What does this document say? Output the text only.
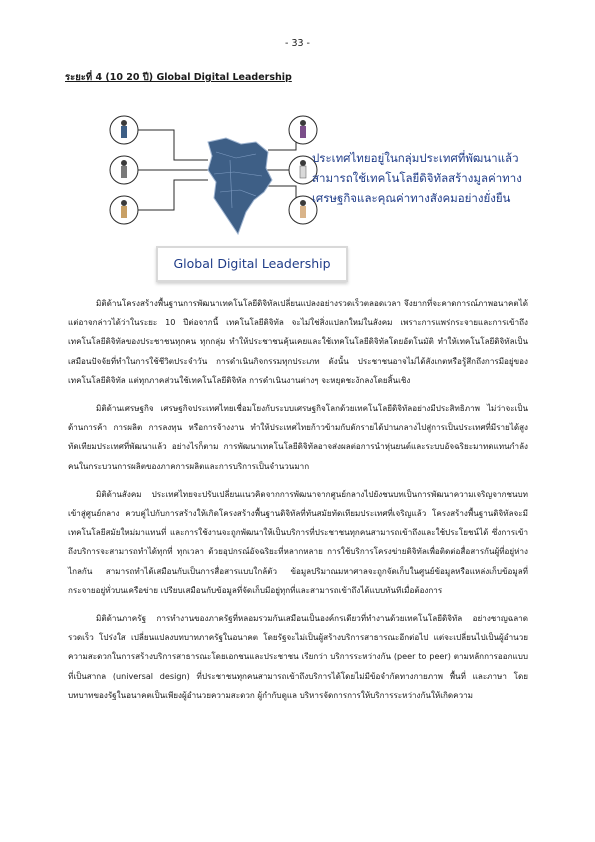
- 33 -
ระยะที่ 4 (10 20 ปี) Global Digital Leadership
ประเทศไทยอยู่ในกลุ่มประเทศที่พัฒนาแล้ว
สามารถใช้เทคโนโลยีดิจิทัลสร้างมูลค่าทาง
เศรษฐกิจและคุณค่าทางสังคมอย่างยั่งยืน
Global Digital Leadership

มิติด้านโครงสร้างพื้นฐานการพัฒนาเทคโนโลยีดิจิทัลเปลี่ยนแปลงอย่างรวดเร็วตลอดเวลา จึงยากที่จะคาดการณ์ภาพอนาคตได้ แต่อาจกล่าวได้ว่าในระยะ 10 ปีต่อจากนี้ เทคโนโลยีดิจิทัล จะไม่ใช่สิ่งแปลกใหม่ในสังคม เพราะการแพร่กระจายและการเข้าถึงเทคโนโลยีดิจิทัลของประชาชนทุกคน ทุกกลุ่ม ทำให้ประชาชนคุ้นเคยและใช้เทคโนโลยีดิจิทัลโดยอัตโนมัติ ทำให้เทคโนโลยีดิจิทัลเป็นเสมือนปัจจัยที่ทำในการใช้ชีวิตประจำวัน การดำเนินกิจกรรมทุกประเภท ดังนั้น ประชาชนอาจไม่ได้สังเกตหรือรู้สึกถึงการมีอยู่ของเทคโนโลยีดิจิทัล แต่ทุกภาคส่วนใช้เทคโนโลยีดิจิทัล การดำเนินงานต่างๆ จะหยุดชะงักลงโดยสิ้นเชิง

มิติด้านเศรษฐกิจ เศรษฐกิจประเทศไทยเชื่อมโยงกับระบบเศรษฐกิจโลกด้วยเทคโนโลยีดิจิทัลอย่างมีประสิทธิภาพ ไม่ว่าจะเป็นด้านการค้า การผลิต การลงทุน หรือการจ้างงาน ทำให้ประเทศไทยก้าวข้ามกับดักรายได้ปานกลางไปสู่การเป็นประเทศที่มีรายได้สูงทัดเทียมประเทศที่พัฒนาแล้ว อย่างไรก็ตาม การพัฒนาเทคโนโลยีดิจิทัลอาจส่งผลต่อการนำหุ่นยนต์และระบบอัจฉริยะมาทดแทนกำลังคนในกระบวนการผลิตของภาคการผลิตและการบริการเป็นจำนวนมาก

มิติด้านสังคม ประเทศไทยจะปรับเปลี่ยนแนวคิดจากการพัฒนาจากศูนย์กลางไปยังชนบทเป็นการพัฒนาความเจริญจากชนบทเข้าสู่ศูนย์กลาง ควบคู่ไปกับการสร้างให้เกิดโครงสร้างพื้นฐานดิจิทัลที่ทันสมัยทัดเทียมประเทศที่เจริญแล้ว โครงสร้างพื้นฐานดิจิทัลจะมีเทคโนโลยีสมัยใหม่มาแทนที่ และการใช้งานจะถูกพัฒนาให้เป็นบริการที่ประชาชนทุกคนสามารถเข้าถึงและใช้ประโยชน์ได้ ซึ่งการเข้าถึงบริการจะสามารถทำได้ทุกที่ ทุกเวลา ด้วยอุปกรณ์อัจฉริยะที่หลากหลาย การใช้บริการโครงข่ายดิจิทัลเพื่อติดต่อสื่อสารกันผู้ที่อยู่ห่างไกลกัน สามารถทำได้เสมือนกับเป็นการสื่อสารแบบใกล้ตัว ข้อมูลปริมาณมหาศาลจะถูกจัดเก็บในศูนย์ข้อมูลหรือแหล่งเก็บข้อมูลที่กระจายอยู่ทั่วบนเครือข่าย เปรียบเสมือนกับข้อมูลที่จัดเก็บมีอยู่ทุกที่และสามารถเข้าถึงได้แบบทันทีเมื่อต้องการ

มิติด้านภาครัฐ การทำงานของภาครัฐที่หลอมรวมกันเสมือนเป็นองค์กรเดียวที่ทำงานด้วยเทคโนโลยีดิจิทัล อย่างชาญฉลาด รวดเร็ว โปร่งใส เปลี่ยนแปลงบทบาทภาครัฐในอนาคต โดยรัฐจะไม่เป็นผู้สร้างบริการสาธารณะอีกต่อไป แต่จะเปลี่ยนไปเป็นผู้อำนวยความสะดวกในการสร้างบริการสาธารณะโดยเอกชนและประชาชน เรียกว่า บริการระหว่างกัน (peer to peer) ตามหลักการออกแบบที่เป็นสากล (universal design) ที่ประชาชนทุกคนสามารถเข้าถึงบริการได้โดยไม่มีข้อจำกัดทางกายภาพ พื้นที่ และภาษา โดยบทบาทของรัฐในอนาคตเป็นเพียงผู้อำนวยความสะดวก ผู้กำกับดูแล บริหารจัดการการให้บริการระหว่างกันให้เกิดความ
